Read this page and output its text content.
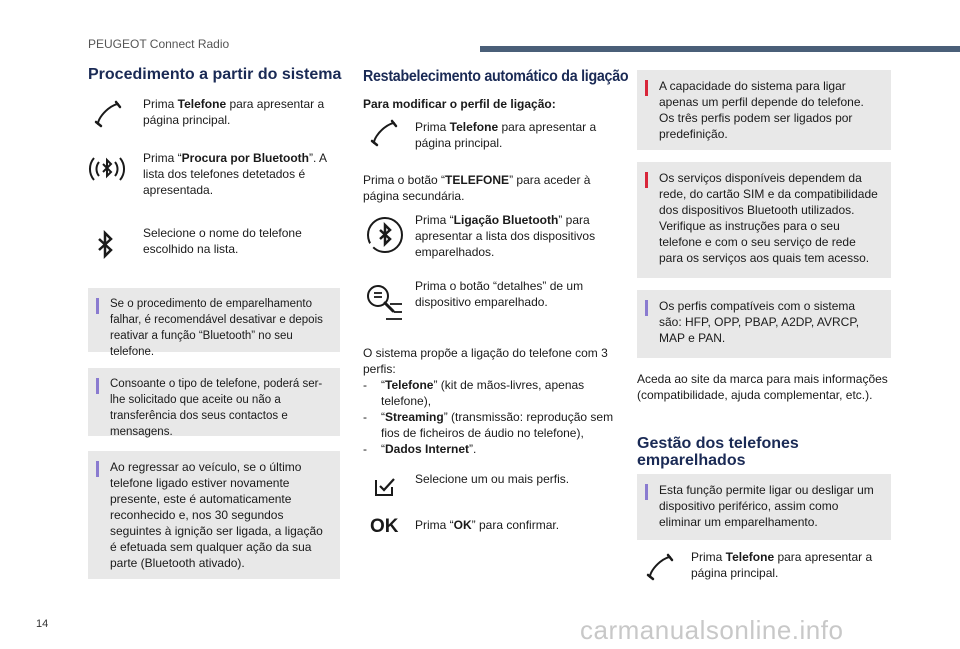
PEUGEOT Connect Radio
Procedimento a partir do sistema
Prima Telefone para apresentar a página principal.
Prima “Procura por Bluetooth”. A lista dos telefones detetados é apresentada.
Selecione o nome do telefone escolhido na lista.
Se o procedimento de emparelhamento falhar, é recomendável desativar e depois reativar a função “Bluetooth” no seu telefone.
Consoante o tipo de telefone, poderá ser-lhe solicitado que aceite ou não a transferência dos seus contactos e mensagens.
Ao regressar ao veículo, se o último telefone ligado estiver novamente presente, este é automaticamente reconhecido e, nos 30 segundos seguintes à ignição ser ligada, a ligação é efetuada sem qualquer ação da sua parte (Bluetooth ativado).
Restabelecimento automático da ligação
Para modificar o perfil de ligação:
Prima Telefone para apresentar a página principal.
Prima o botão “TELEFONE” para aceder à página secundária.
Prima “Ligação Bluetooth” para apresentar a lista dos dispositivos emparelhados.
Prima o botão “detalhes” de um dispositivo emparelhado.
O sistema propõe a ligação do telefone com 3 perfis:
- “Telefone” (kit de mãos-livres, apenas telefone),
- “Streaming” (transmissão: reprodução sem fios de ficheiros de áudio no telefone),
- “Dados Internet”.
Selecione um ou mais perfis.
OK Prima “OK” para confirmar.
A capacidade do sistema para ligar apenas um perfil depende do telefone. Os três perfis podem ser ligados por predefinição.
Os serviços disponíveis dependem da rede, do cartão SIM e da compatibilidade dos dispositivos Bluetooth utilizados. Verifique as instruções para o seu telefone e com o seu serviço de rede para os serviços aos quais tem acesso.
Os perfis compatíveis com o sistema são: HFP, OPP, PBAP, A2DP, AVRCP, MAP e PAN.
Aceda ao site da marca para mais informações (compatibilidade, ajuda complementar, etc.).
Gestão dos telefones emparelhados
Esta função permite ligar ou desligar um dispositivo periférico, assim como eliminar um emparelhamento.
Prima Telefone para apresentar a página principal.
14	carmanualsonline.info
